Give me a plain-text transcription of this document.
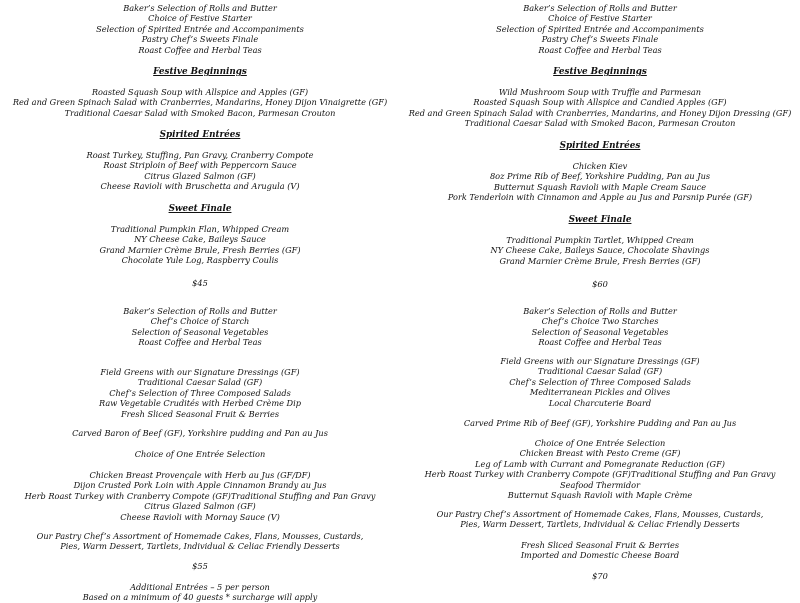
Baker’s Selection of Rolls and Butter
Choice of Festive Starter
Selection of Spirited Entrée and Accompaniments
Pastry Chef’s Sweets Finale
Roast Coffee and Herbal Teas
Festive Beginnings
Roasted Squash Soup with Allspice and Apples (GF)
Red and Green Spinach Salad with Cranberries, Mandarins, Honey Dijon Vinaigrette (GF)
Traditional Caesar Salad with Smoked Bacon, Parmesan Crouton
Spirited Entrées
Roast Turkey, Stuffing, Pan Gravy, Cranberry Compote
Roast Striploin of Beef with Peppercorn Sauce
Citrus Glazed Salmon (GF)
Cheese Ravioli with Bruschetta and Arugula (V)
Sweet Finale
Traditional Pumpkin Flan, Whipped Cream
NY Cheese Cake, Baileys Sauce
Grand Marnier Crème Brule, Fresh Berries (GF)
Chocolate Yule Log, Raspberry Coulis
$45
Baker’s Selection of Rolls and Butter
Chef’s Choice of Starch
Selection of Seasonal Vegetables
Roast Coffee and Herbal Teas
Field Greens with our Signature Dressings (GF)
Traditional Caesar Salad (GF)
Chef’s Selection of Three Composed Salads
Raw Vegetable Crudités with Herbed Crème Dip
Fresh Sliced Seasonal Fruit & Berries
Carved Baron of Beef (GF), Yorkshire pudding and Pan au Jus
Choice of One Entrée Selection
Chicken Breast Provençale with Herb au Jus (GF/DF)
Dijon Crusted Pork Loin with Apple Cinnamon Brandy au Jus
Herb Roast Turkey with Cranberry Compote (GF)Traditional Stuffing and Pan Gravy
Citrus Glazed Salmon (GF)
Cheese Ravioli with Mornay Sauce (V)
Our Pastry Chef’s Assortment of Homemade Cakes, Flans, Mousses, Custards,
Pies, Warm Dessert, Tartlets, Individual & Celiac Friendly Desserts
$55
Additional Entrées – 5 per person
Based on a minimum of 40 guests * surcharge will apply
Baker’s Selection of Rolls and Butter
Choice of Festive Starter
Selection of Spirited Entrée and Accompaniments
Pastry Chef’s Sweets Finale
Roast Coffee and Herbal Teas
Festive Beginnings
Wild Mushroom Soup with Truffle and Parmesan
Roasted Squash Soup with Allspice and Candied Apples (GF)
Red and Green Spinach Salad with Cranberries, Mandarins, and Honey Dijon Dressing (GF)
Traditional Caesar Salad with Smoked Bacon, Parmesan Crouton
Spirited Entrées
Chicken Kiev
8oz Prime Rib of Beef, Yorkshire Pudding, Pan au Jus
Butternut Squash Ravioli with Maple Cream Sauce
Pork Tenderloin with Cinnamon and Apple au Jus and Parsnip Purée (GF)
Sweet Finale
Traditional Pumpkin Tartlet, Whipped Cream
NY Cheese Cake, Baileys Sauce, Chocolate Shavings
Grand Marnier Crème Brule, Fresh Berries (GF)
$60
Baker’s Selection of Rolls and Butter
Chef’s Choice Two Starches
Selection of Seasonal Vegetables
Roast Coffee and Herbal Teas
Field Greens with our Signature Dressings (GF)
Traditional Caesar Salad (GF)
Chef’s Selection of Three Composed Salads
Mediterranean Pickles and Olives
Local Charcuterie Board
Carved Prime Rib of Beef (GF), Yorkshire Pudding and Pan au Jus
Choice of One Entrée Selection
Chicken Breast with Pesto Creme (GF)
Leg of Lamb with Currant and Pomegranate Reduction (GF)
Herb Roast Turkey with Cranberry Compote (GF)Traditional Stuffing and Pan Gravy
Seafood Thermidor
Butternut Squash Ravioli with Maple Crème
Our Pastry Chef’s Assortment of Homemade Cakes, Flans, Mousses, Custards,
Pies, Warm Dessert, Tartlets, Individual & Celiac Friendly Desserts
Fresh Sliced Seasonal Fruit & Berries
Imported and Domestic Cheese Board
$70
